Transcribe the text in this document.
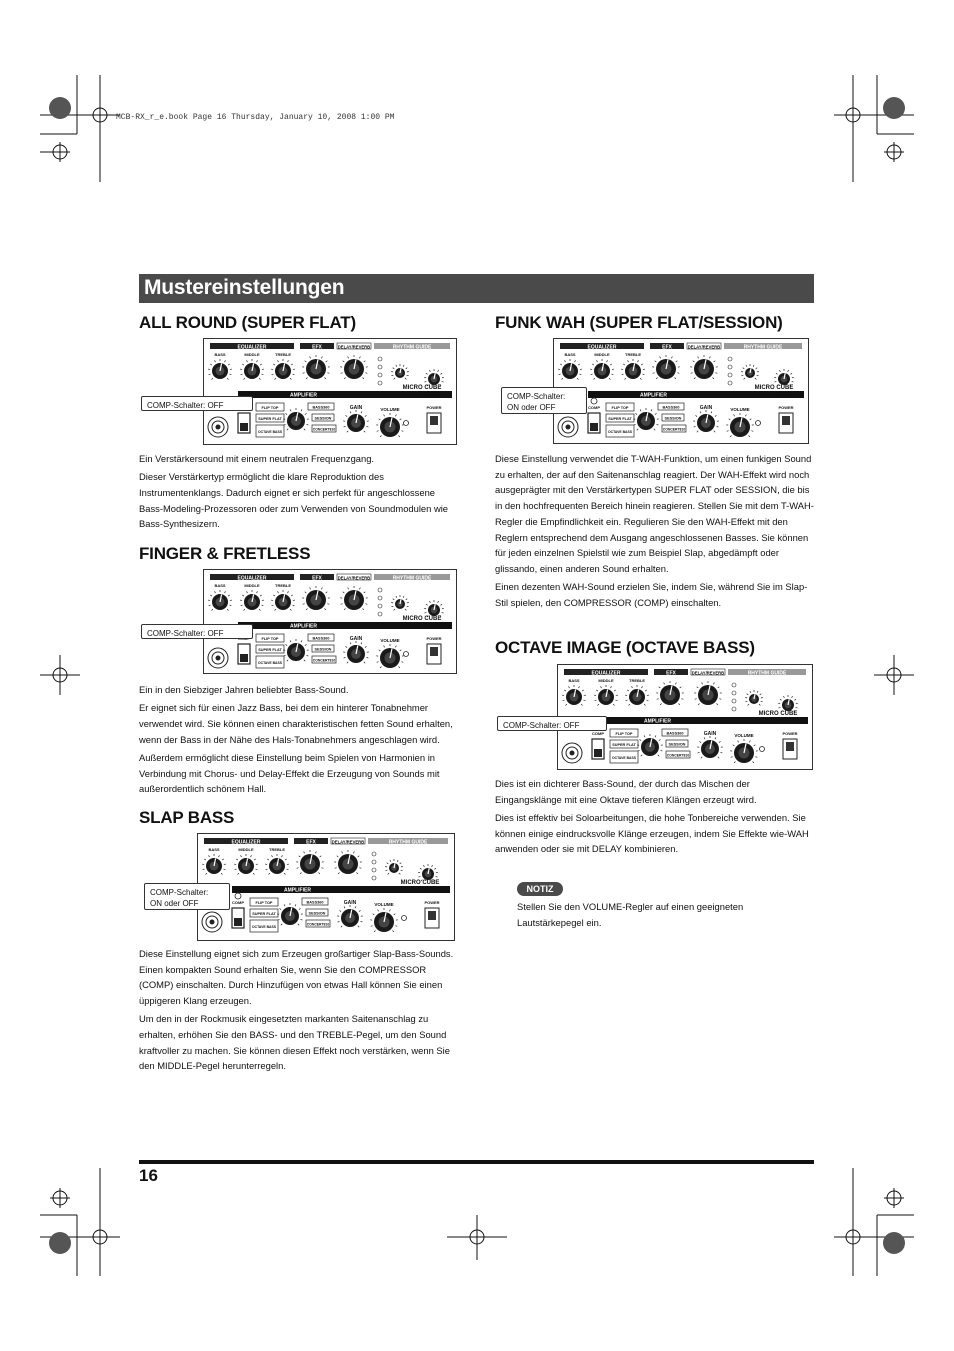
MCB-RX_r_e.book Page 16 Thursday, January 10, 2008 1:00 PM
Mustereinstellungen
ALL ROUND (SUPER FLAT)
EQUALIZER	EFX	DELAY/REVERB	RHYTHM GUIDE
BASS	MIDDLE	TREBLE
AMPLIFIER
MICRO CUBE
BASS RX
FLIP TOP
SUPER FLAT
OCTAVE BASS
BASS360
SESSION
CONCERT810
GAIN	VOLUME	POWER
COMP-Schalter: OFF

Ein Verstärkersound mit einem neutralen Frequenzgang.

Dieser Verstärkertyp ermöglicht die klare Reproduktion des Instrumentenklangs. Dadurch eignet er sich perfekt für angeschlossene Bass-Modeling-Prozessoren oder zum Verwenden von Soundmodulen wie Bass-Synthesizern.

FINGER & FRETLESS
EQUALIZER	EFX	DELAY/REVERB	RHYTHM GUIDE
BASS	MIDDLE	TREBLE
AMPLIFIER
MICRO CUBE
BASS RX
FLIP TOP
SUPER FLAT
OCTAVE BASS
BASS360
SESSION
CONCERT810
GAIN	VOLUME	POWER
COMP-Schalter: OFF

Ein in den Siebziger Jahren beliebter Bass-Sound.

Er eignet sich für einen Jazz Bass, bei dem ein hinterer Tonabnehmer verwendet wird. Sie können einen charakteristischen fetten Sound erhalten, wenn der Bass in der Nähe des Hals-Tonabnehmers angeschlagen wird.

Außerdem ermöglicht diese Einstellung beim Spielen von Harmonien in Verbindung mit Chorus- und Delay-Effekt die Erzeugung von Sounds mit außerordentlich schönem Hall.

SLAP BASS
EQUALIZER	EFX	DELAY/REVERB	RHYTHM GUIDE
BASS	MIDDLE	TREBLE
AMPLIFIER
MICRO CUBE
BASS RX
FLIP TOP
SUPER FLAT
OCTAVE BASS
BASS360
SESSION
CONCERT810
GAIN	VOLUME	POWER
COMP
COMP-Schalter:
ON oder OFF

Diese Einstellung eignet sich zum Erzeugen großartiger Slap-Bass-Sounds. Einen kompakten Sound erhalten Sie, wenn Sie den COMPRESSOR (COMP) einschalten. Durch Hinzufügen von etwas Hall können Sie einen üppigeren Klang erzeugen.

Um den in der Rockmusik eingesetzten markanten Saitenanschlag zu erhalten, erhöhen Sie den BASS- und den TREBLE-Pegel, um den Sound kraftvoller zu machen. Sie können diesen Effekt noch verstärken, wenn Sie den MIDDLE-Pegel herunterregeln.

FUNK WAH (SUPER FLAT/SESSION)
EQUALIZER	EFX	DELAY/REVERB	RHYTHM GUIDE
BASS	MIDDLE	TREBLE
AMPLIFIER
MICRO CUBE
BASS RX
FLIP TOP
SUPER FLAT
OCTAVE BASS
BASS360
SESSION
CONCERT810
GAIN	VOLUME	POWER
COMP
COMP-Schalter:
ON oder OFF

Diese Einstellung verwendet die T-WAH-Funktion, um einen funkigen Sound zu erhalten, der auf den Saitenanschlag reagiert. Der WAH-Effekt wird noch ausgeprägter mit den Verstärkertypen SUPER FLAT oder SESSION, die bis in den hochfrequenten Bereich hinein reagieren. Stellen Sie mit dem T-WAH-Regler die Empfindlichkeit ein. Regulieren Sie den WAH-Effekt mit den Reglern entsprechend dem Ausgang angeschlossenen Basses. Sie können für jeden einzelnen Spielstil wie zum Beispiel Slap, abgedämpft oder glissando, einen anderen Sound erhalten.

Einen dezenten WAH-Sound erzielen Sie, indem Sie, während Sie im Slap-Stil spielen, den COMPRESSOR (COMP) einschalten.

OCTAVE IMAGE (OCTAVE BASS)
EQUALIZER	EFX	DELAY/REVERB	RHYTHM GUIDE
BASS	MIDDLE	TREBLE
AMPLIFIER
MICRO CUBE
BASS RX
FLIP TOP
SUPER FLAT
OCTAVE BASS
BASS360
SESSION
CONCERT810
GAIN	VOLUME	POWER
COMP
COMP-Schalter: OFF

Dies ist ein dichterer Bass-Sound, der durch das Mischen der Eingangsklänge mit eine Oktave tieferen Klängen erzeugt wird.

Dies ist effektiv bei Soloarbeitungen, die hohe Tonbereiche verwenden. Sie können einige eindrucksvolle Klänge erzeugen, indem Sie Effekte wie-WAH anwenden oder sie mit DELAY kombinieren.

NOTIZ
Stellen Sie den VOLUME-Regler auf einen geeigneten Lautstärkepegel ein.
16
